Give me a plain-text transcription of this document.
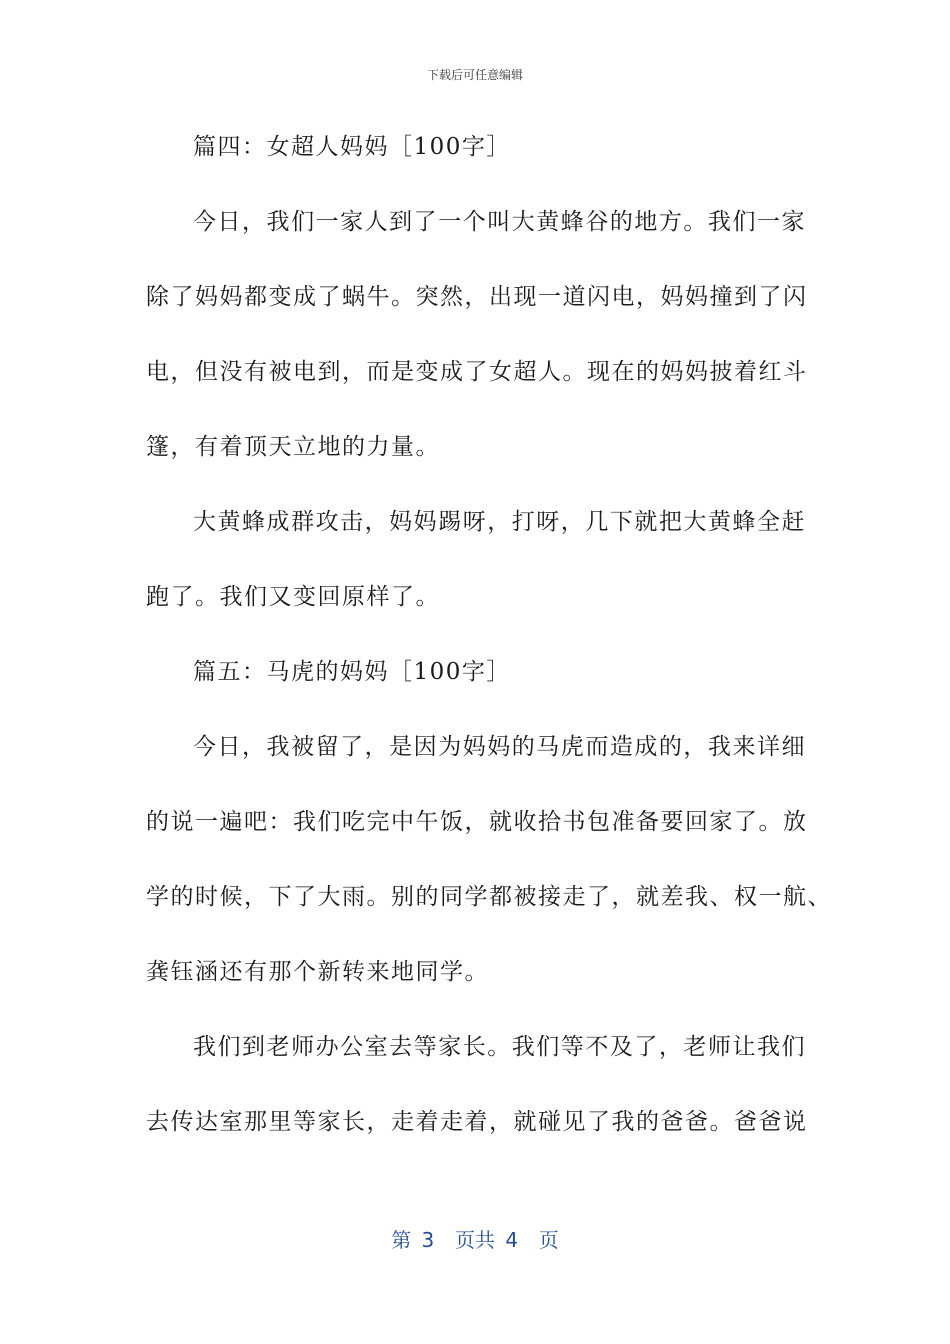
下载后可任意编辑
篇四：女超人妈妈［100字］
今日，我们一家人到了一个叫大黄蜂谷的地方。我们一家
除了妈妈都变成了蜗牛。突然，出现一道闪电，妈妈撞到了闪
电，但没有被电到，而是变成了女超人。现在的妈妈披着红斗
篷，有着顶天立地的力量。
大黄蜂成群攻击，妈妈踢呀，打呀，几下就把大黄蜂全赶
跑了。我们又变回原样了。
篇五：马虎的妈妈［100字］
今日，我被留了，是因为妈妈的马虎而造成的，我来详细
的说一遍吧：我们吃完中午饭，就收拾书包准备要回家了。放
学的时候，下了大雨。别的同学都被接走了，就差我、权一航、
龚钰涵还有那个新转来地同学。
我们到老师办公室去等家长。我们等不及了，老师让我们
去传达室那里等家长，走着走着，就碰见了我的爸爸。爸爸说
第 3  页共 4  页
